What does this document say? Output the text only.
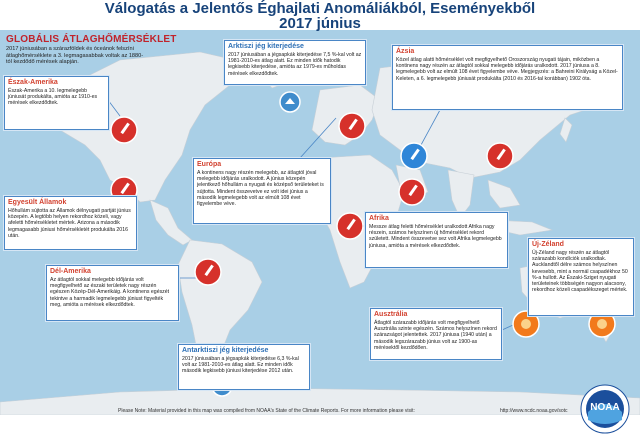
Válogatás a Jelentős Éghajlati Anomáliákból, Eseményekből
2017 június
GLOBÁLIS ÁTLAGHŐMÉRSÉKLET
2017 júniusában a szárazföldek és óceánok felszíni átlaghőmérséklete a 3. legmagasabbak voltak az 1880-tól kezdődő mérések alapján.
Észak-Amerika
Észak-Amerika a 10. legmelegebb júniusát produkálta, amióta az 1910-es mérések elkezdődtek.
Egyesült Államok
Hőhullám sújtotta az Államok délnyugati partját június közepén. A legtöbb helyen rekordhoz közeli, vagy afeletti hőmérsékletet mértek. Arizona a második legmagasabb júniusi hőmérsékletét produkálta 2016 után.
Dél-Amerika
Az átlagtól sokkal melegebb időjárás volt megfigyelhető az északi területek nagy részén egészen Közép-Dél-Amerikáig. A kontinens egészét tekintve a harmadik legmelegebb júniust figyelték meg, amióta a mérések elkezdődtek.
Arktiszi jég kiterjedése
2017 júniusában a jégsapkák kiterjedése 7,5 %-kal volt az 1981-2010-es átlag alatt. Ez minden idők hatodik legkisebb kiterjedése, amióta az 1979-es műholdas mérések elkezdődtek.
Európa
A kontinens nagy részén melegebb, az átlagtól jóval melegebb időjárás uralkodott. A június közepén jelentkező hőhullám a nyugati és középső területeket is sújtotta. Mindent összevetve ez volt idei június a második legmelegebb volt az elmúlt 108 évet figyelembe véve.
Ázsia
Közel átlag alatti hőmérséklet volt megfigyelhető Oroszország nyugati tájain, miközben a kontinens nagy részén az átlagtól sokkal melegebb időjárás uralkodott. 2017 júniusa a 8. legmelegebb volt az elmúlt 108 évet figyelembe véve. Megjegyzés: a Bahreini Királyság a Közel-Keleten, a 6. legmelegebb júniusát produkálta (2010 és 2016-tal korábban) 1902 óta.
Afrika
Messze átlag feletti hőmérséklet uralkodott Afrika nagy részein, számos helyszínen új hőmérséklet rekord született. Mindent összevetve sez volt Afrika legmelegebb júniusa, amióta a mérések elkezdődtek.	Új-Zéland
Új-Zéland nagy részén az átlagtól szárazabb kondíciók uralkodtak. Aucklandtől délre számos helyszínen kevesebb, mint a normál csapadékhoz 50 %-a hullott. Az Északi-Sziget nyugati területeinek többségén nagyon alacsony, rekordhoz közeli csapadékszeget mértek.
Ausztrália
Átlagtól szárazabb időjárás volt megfigyelhető Ausztrália szinte egészén. Számos helyszínen rekord szárazságot jelentettek. 2017 júniusa (1940 után) a második legszárazabb június volt az 1900-as mérésektől kezdődően.
Antarktiszi jég kiterjedése
2017 júniusában a jégsapkák kiterjedése 6,3 %-kal volt az 1981-2010-es átlag alatt. Ez minden idők második legkisebb júniusi kiterjedése 2012 után.
Please Note: Material provided in this map was compiled from NOAA's State of the Climate Reports. For more information please visit:	http://www.ncdc.noaa.gov/sotc	NOAA
